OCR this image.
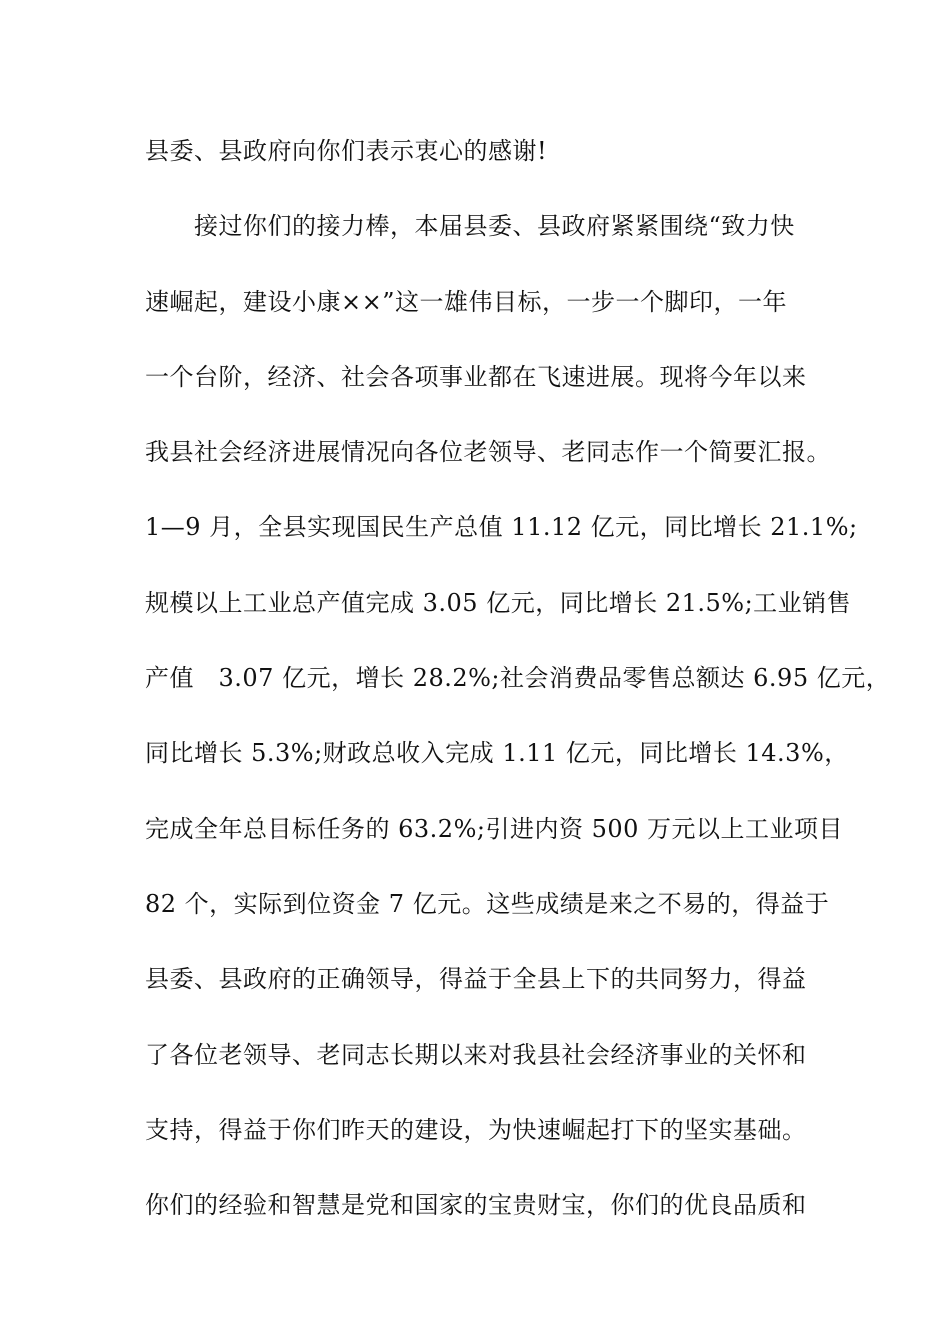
县委、县政府向你们表示衷心的感谢!
　　接过你们的接力棒，本届县委、县政府紧紧围绕“致力快
速崛起，建设小康××”这一雄伟目标，一步一个脚印，一年
一个台阶，经济、社会各项事业都在飞速进展。现将今年以来
我县社会经济进展情况向各位老领导、老同志作一个简要汇报。
1—9 月，全县实现国民生产总值 11.12 亿元，同比增长 21.1%;
规模以上工业总产值完成 3.05 亿元，同比增长 21.5%;工业销售
产值　3.07 亿元，增长 28.2%;社会消费品零售总额达 6.95 亿元，
同比增长 5.3%;财政总收入完成 1.11 亿元，同比增长 14.3%，
完成全年总目标任务的 63.2%;引进内资 500 万元以上工业项目
82 个，实际到位资金 7 亿元。这些成绩是来之不易的，得益于
县委、县政府的正确领导，得益于全县上下的共同努力，得益
了各位老领导、老同志长期以来对我县社会经济事业的关怀和
支持，得益于你们昨天的建设，为快速崛起打下的坚实基础。
你们的经验和智慧是党和国家的宝贵财宝，你们的优良品质和
